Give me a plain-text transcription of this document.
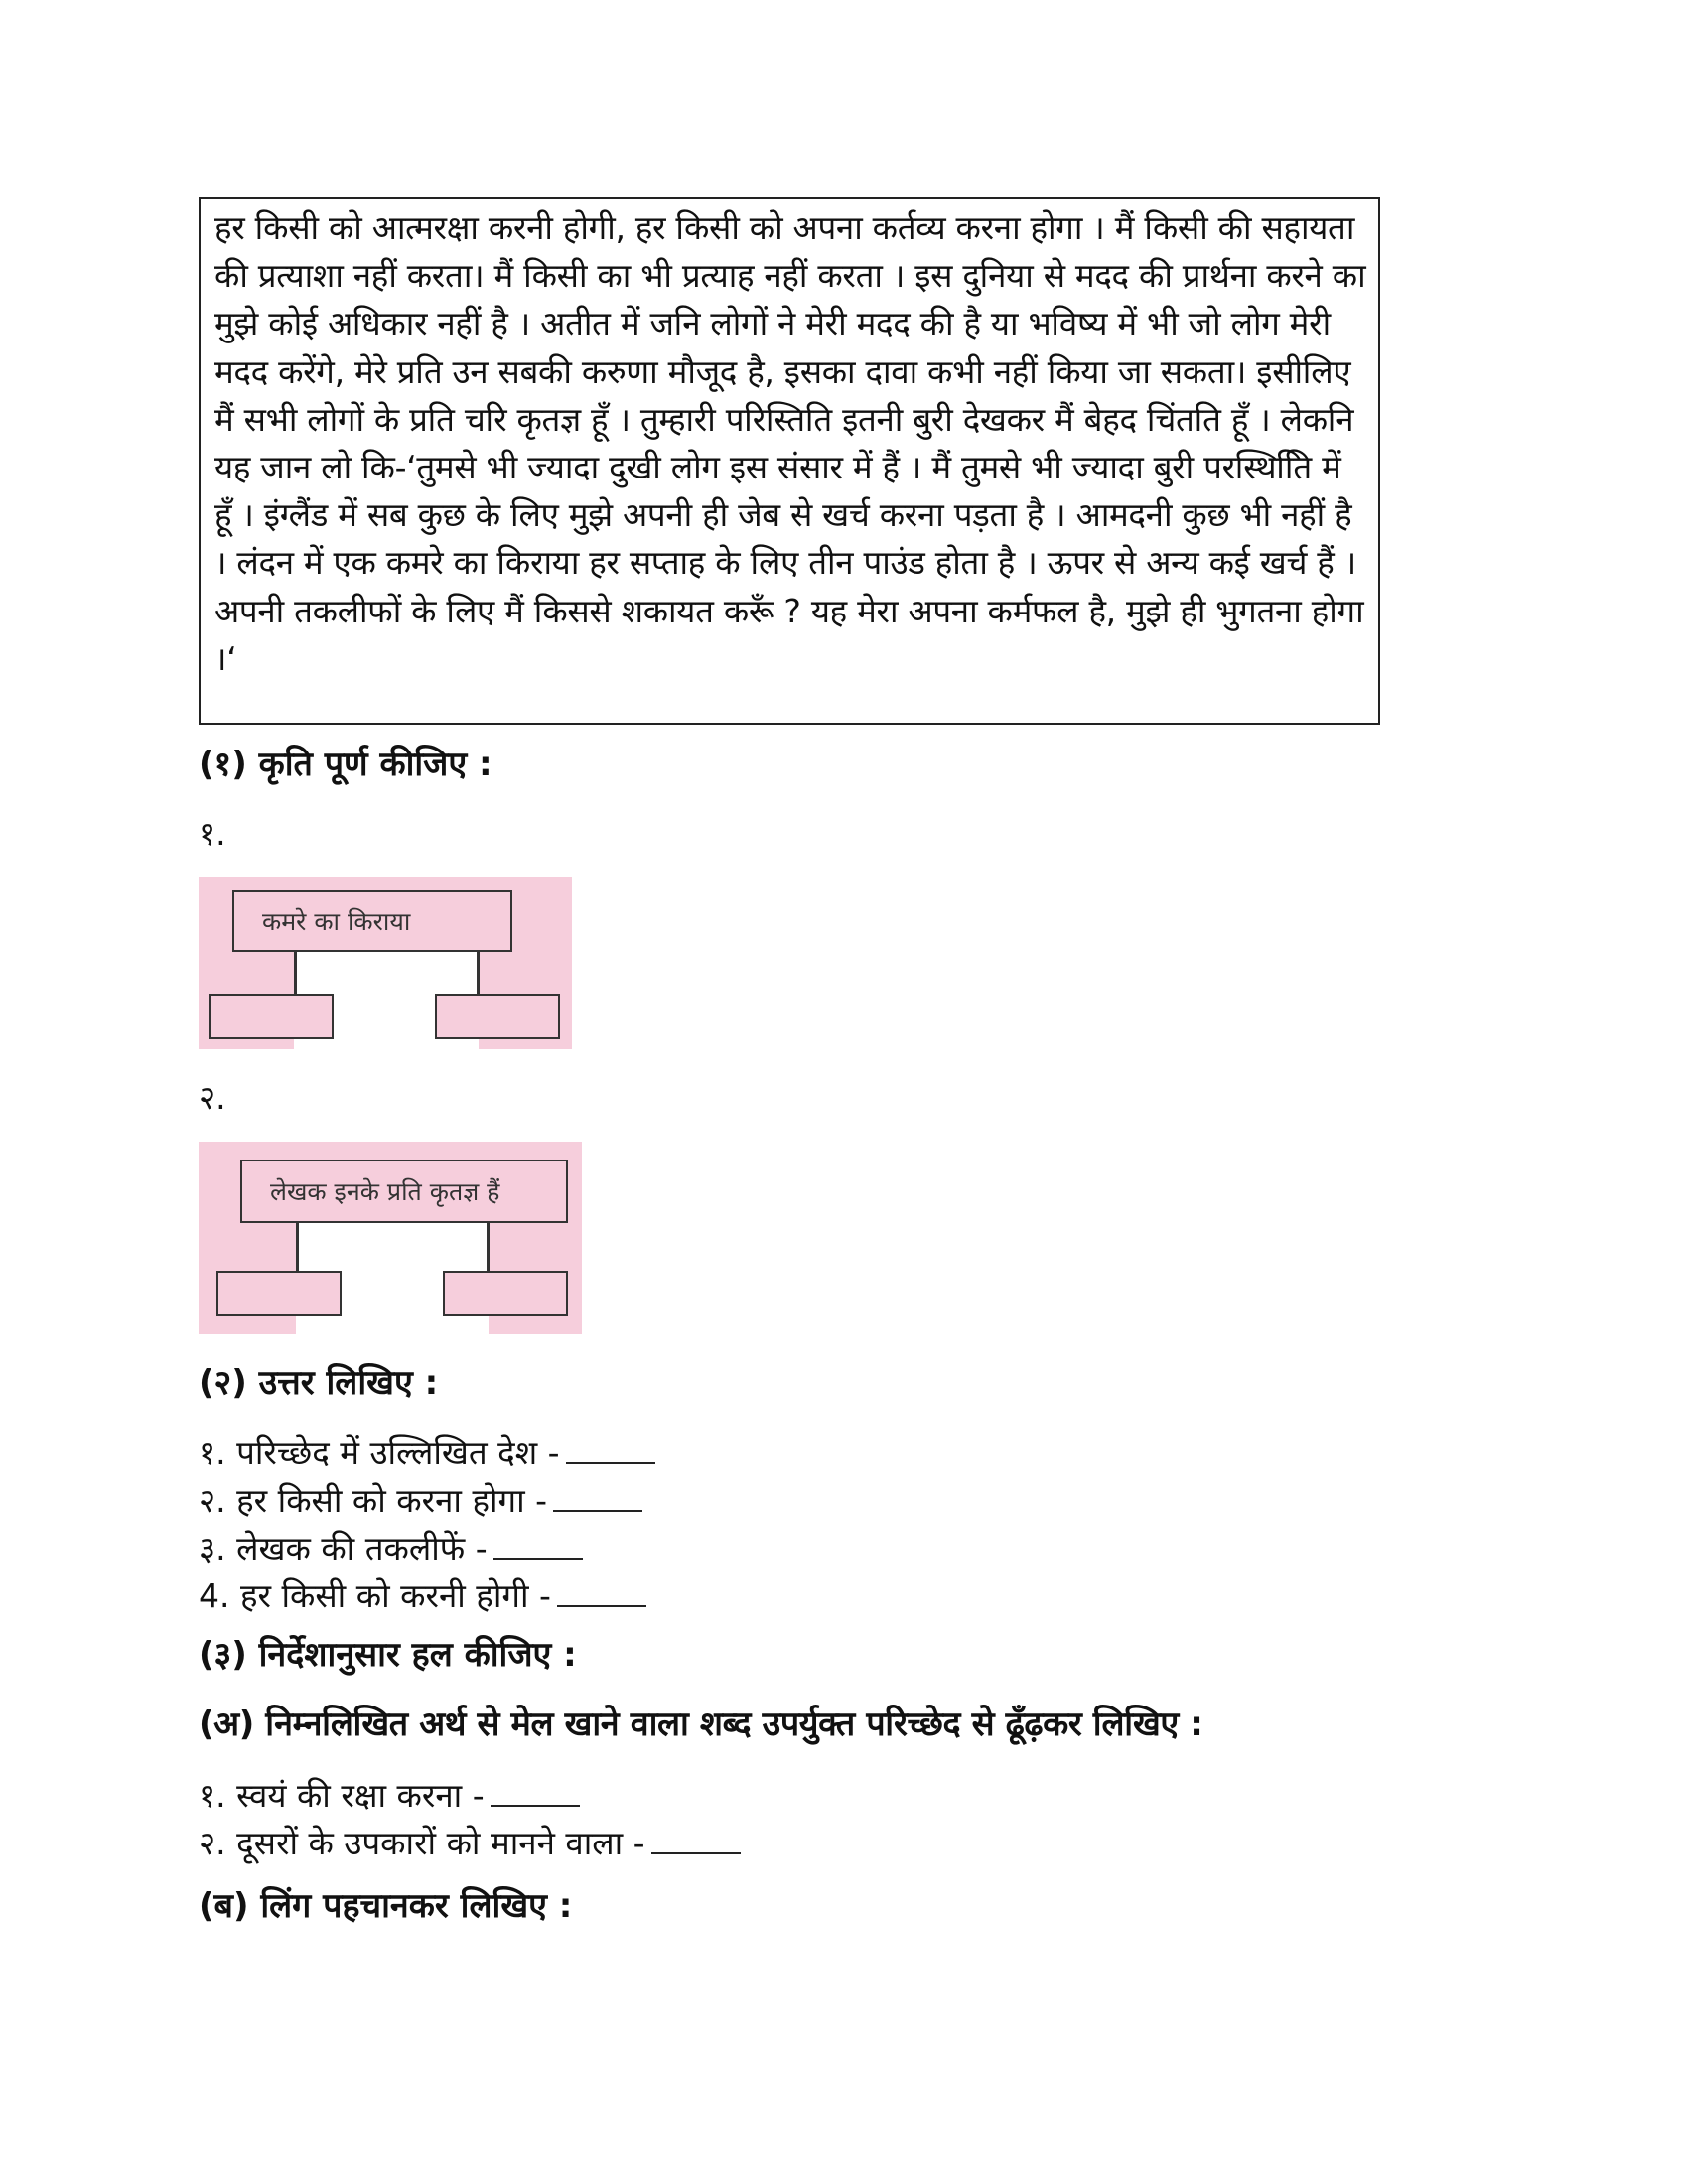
हर किसी को आत्मरक्षा करनी होगी, हर किसी को अपना कर्तव्य करना होगा । मैं किसी की सहायता की प्रत्याशा नहीं करता। मैं किसी का भी प्रत्याह नहीं करता । इस दुनिया से मदद की प्रार्थना करने का मुझे कोई अधिकार नहीं है । अतीत में जनि लोगों ने मेरी मदद की है या भविष्य में भी जो लोग मेरी मदद करेंगे, मेरे प्रति उन सबकी करुणा मौजूद है, इसका दावा कभी नहीं किया जा सकता। इसीलिए मैं सभी लोगों के प्रति चरि कृतज्ञ हूँ । तुम्हारी परिस्तिति इतनी बुरी देखकर मैं बेहद चिंतति हूँ । लेकनि यह जान लो कि-‘तुमसे भी ज्यादा दुखी लोग इस संसार में हैं । मैं तुमसे भी ज्यादा बुरी परस्थितिि में हूँ । इंग्लैंड में सब कुछ के लिए मुझे अपनी ही जेब से खर्च करना पड़ता है । आमदनी कुछ भी नहीं है । लंदन में एक कमरे का किराया हर सप्ताह के लिए तीन पाउंड होता है । ऊपर से अन्य कई खर्च हैं । अपनी तकलीफों के लिए मैं किससे शकायत करूँ ? यह मेरा अपना कर्मफल है, मुझे ही भुगतना होगा ।‘

(१) कृति पूर्ण कीजिए :
१.
कमरे का किराया
२.
लेखक इनके प्रति कृतज्ञ हैं
(२) उत्तर लिखिए :
१. परिच्छेद में उल्लिखित देश -
२. हर किसी को करना होगा -
३. लेखक की तकलीफें -
4. हर किसी को करनी होगी -
(३) निर्देशानुसार हल कीजिए :
(अ) निम्नलिखित अर्थ से मेल खाने वाला शब्द उपर्युक्त परिच्छेद से ढूँढ़कर लिखिए :
१. स्वयं की रक्षा करना -
२. दूसरों के उपकारों को मानने वाला -
(ब) लिंग पहचानकर लिखिए :
